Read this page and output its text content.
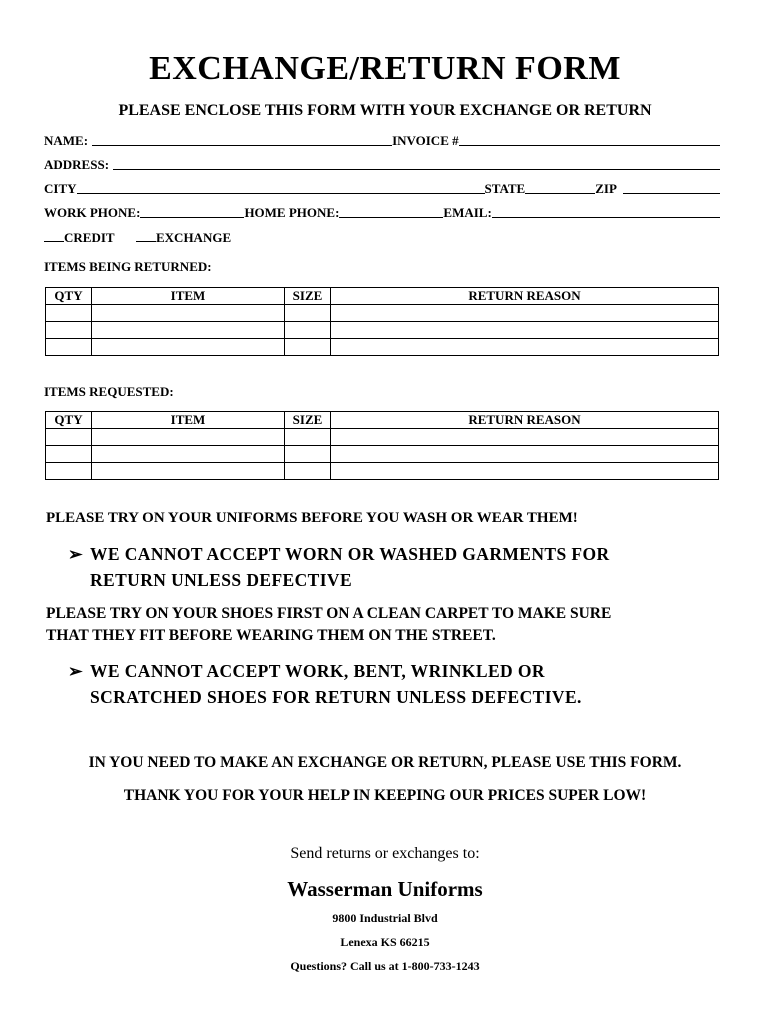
EXCHANGE/RETURN FORM
PLEASE ENCLOSE THIS FORM WITH YOUR EXCHANGE OR RETURN
NAME:	INVOICE #
ADDRESS:
CITY	STATE	ZIP
WORK PHONE:	HOME PHONE:	EMAIL:
CREDIT	EXCHANGE
ITEMS BEING RETURNED:
QTY	ITEM	SIZE	RETURN REASON

ITEMS REQUESTED:
QTY	ITEM	SIZE	RETURN REASON

PLEASE TRY ON YOUR UNIFORMS BEFORE YOU WASH OR WEAR THEM!
➢ WE CANNOT ACCEPT WORN OR WASHED GARMENTS FOR
RETURN UNLESS DEFECTIVE
PLEASE TRY ON YOUR SHOES FIRST ON A CLEAN CARPET TO MAKE SURE
THAT THEY FIT BEFORE WEARING THEM ON THE STREET.
➢ WE CANNOT ACCEPT WORK, BENT, WRINKLED OR
SCRATCHED SHOES FOR RETURN UNLESS DEFECTIVE.
IN YOU NEED TO MAKE AN EXCHANGE OR RETURN, PLEASE USE THIS FORM.
THANK YOU FOR YOUR HELP IN KEEPING OUR PRICES SUPER LOW!
Send returns or exchanges to:
Wasserman Uniforms
9800 Industrial Blvd
Lenexa KS 66215
Questions? Call us at 1-800-733-1243
